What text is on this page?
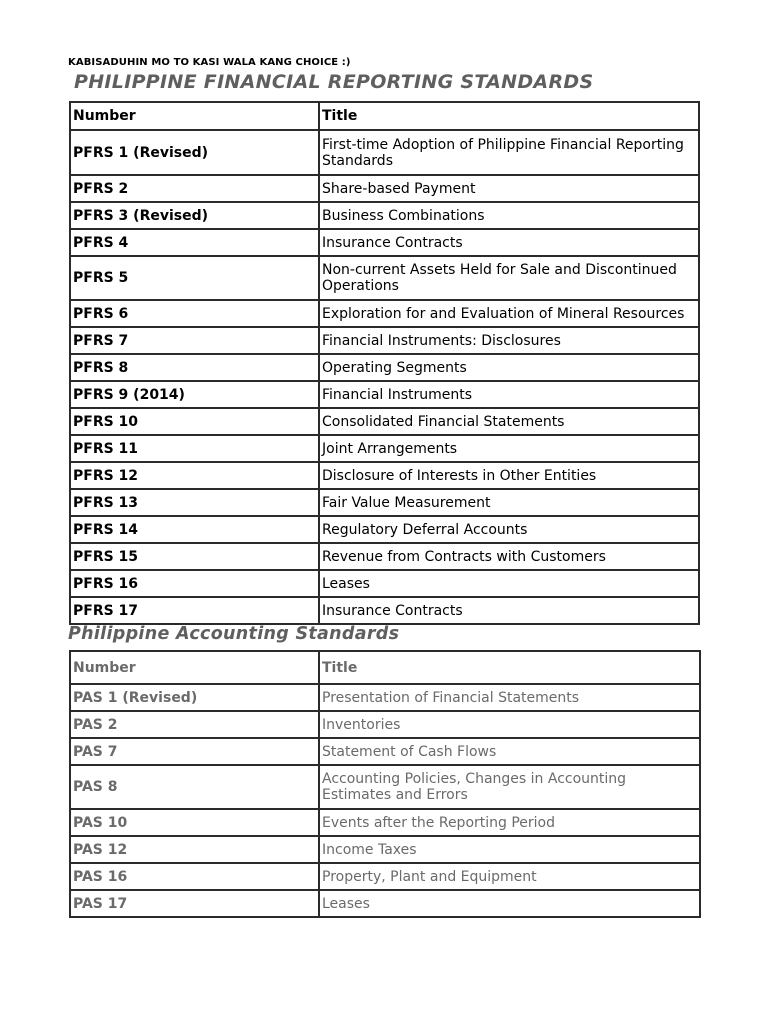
KABISADUHIN MO TO KASI WALA KANG CHOICE :)
PHILIPPINE FINANCIAL REPORTING STANDARDS
Number	Title
PFRS 1 (Revised)	First-time Adoption of Philippine Financial Reporting Standards
PFRS 2	Share-based Payment
PFRS 3 (Revised)	Business Combinations
PFRS 4	Insurance Contracts
PFRS 5	Non-current Assets Held for Sale and Discontinued Operations
PFRS 6	Exploration for and Evaluation of Mineral Resources
PFRS 7	Financial Instruments: Disclosures
PFRS 8	Operating Segments
PFRS 9 (2014)	Financial Instruments
PFRS 10	Consolidated Financial Statements
PFRS 11	Joint Arrangements
PFRS 12	Disclosure of Interests in Other Entities
PFRS 13	Fair Value Measurement
PFRS 14	Regulatory Deferral Accounts
PFRS 15	Revenue from Contracts with Customers
PFRS 16	Leases
PFRS 17	Insurance Contracts
Philippine Accounting Standards
Number	Title
PAS 1 (Revised)	Presentation of Financial Statements
PAS 2	Inventories
PAS 7	Statement of Cash Flows
PAS 8	Accounting Policies, Changes in Accounting Estimates and Errors
PAS 10	Events after the Reporting Period
PAS 12	Income Taxes
PAS 16	Property, Plant and Equipment
PAS 17	Leases
